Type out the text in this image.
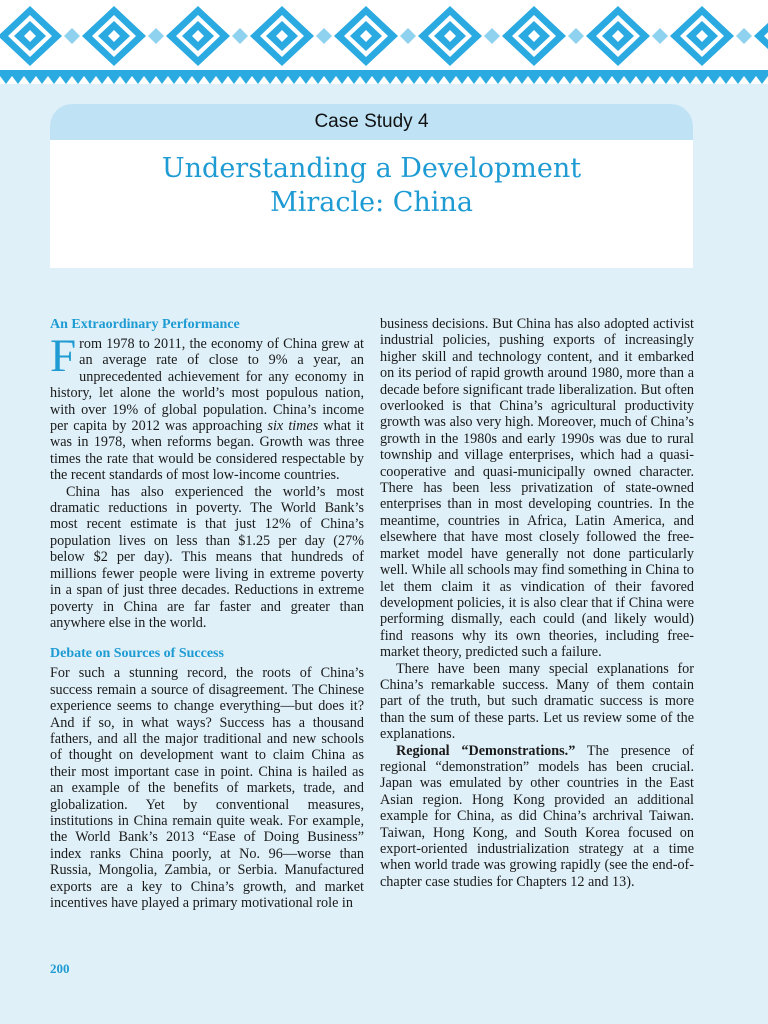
Case Study 4
Understanding a Development
Miracle: China
An Extraordinary Performance

From 1978 to 2011, the economy of China grew at an average rate of close to 9% a year, an unprecedented achievement for any economy in history, let alone the world’s most populous nation, with over 19% of global population. China’s income per capita by 2012 was approaching six times what it was in 1978, when reforms began. Growth was three times the rate that would be considered respectable by the recent standards of most low-income countries.

China has also experienced the world’s most dramatic reductions in poverty. The World Bank’s most recent estimate is that just 12% of China’s population lives on less than $1.25 per day (27% below $2 per day). This means that hundreds of millions fewer people were living in extreme poverty in a span of just three decades. Reductions in extreme poverty in China are far faster and greater than anywhere else in the world.

Debate on Sources of Success

For such a stunning record, the roots of China’s success remain a source of disagreement. The Chinese experience seems to change everything—but does it? And if so, in what ways? Success has a thousand fathers, and all the major traditional and new schools of thought on development want to claim China as their most important case in point. China is hailed as an example of the benefits of markets, trade, and globalization. Yet by conventional measures, institutions in China remain quite weak. For example, the World Bank’s 2013 “Ease of Doing Business” index ranks China poorly, at No. 96—worse than Russia, Mongolia, Zambia, or Serbia. Manufactured exports are a key to China’s growth, and market incentives have played a primary motivational role in

business decisions. But China has also adopted activist industrial policies, pushing exports of increasingly higher skill and technology content, and it embarked on its period of rapid growth around 1980, more than a decade before significant trade liberalization. But often overlooked is that China’s agricultural productivity growth was also very high. Moreover, much of China’s growth in the 1980s and early 1990s was due to rural township and village enterprises, which had a quasi-cooperative and quasi-municipally owned character. There has been less privatization of state-owned enterprises than in most developing countries. In the meantime, countries in Africa, Latin America, and elsewhere that have most closely followed the free-market model have generally not done particularly well. While all schools may find something in China to let them claim it as vindication of their favored development policies, it is also clear that if China were performing dismally, each could (and likely would) find reasons why its own theories, including free-market theory, predicted such a failure.

There have been many special explanations for China’s remarkable success. Many of them contain part of the truth, but such dramatic success is more than the sum of these parts. Let us review some of the explanations.

Regional “Demonstrations.” The presence of regional “demonstration” models has been crucial. Japan was emulated by other countries in the East Asian region. Hong Kong provided an additional example for China, as did China’s archrival Taiwan. Taiwan, Hong Kong, and South Korea focused on export-oriented industrialization strategy at a time when world trade was growing rapidly (see the end-of-chapter case studies for Chapters 12 and 13).

200
